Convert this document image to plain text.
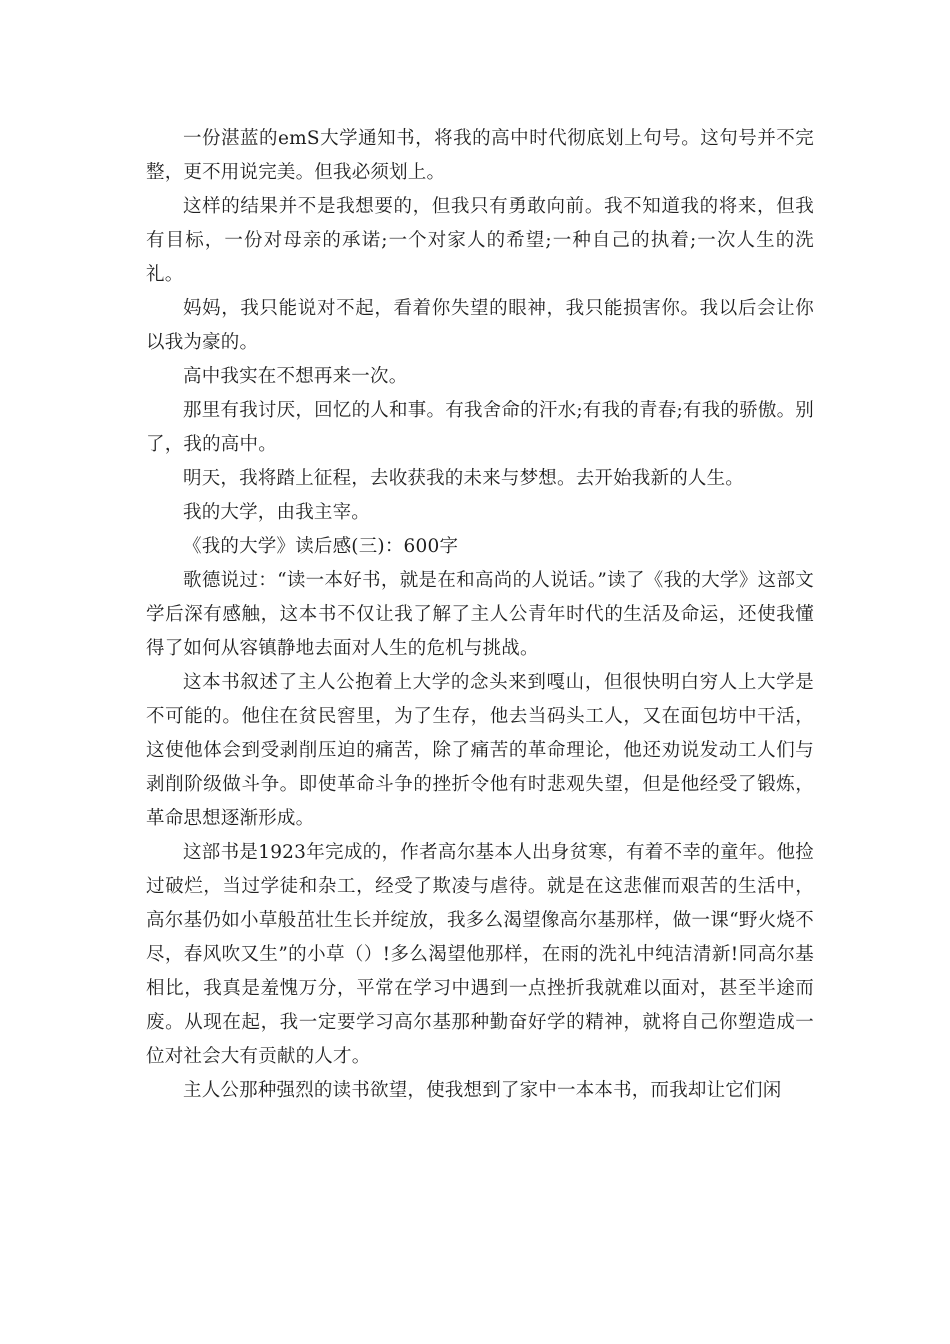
一份湛蓝的emS大学通知书，将我的高中时代彻底划上句号。这句号并不完整，更不用说完美。但我必须划上。

这样的结果并不是我想要的，但我只有勇敢向前。我不知道我的将来，但我有目标，一份对母亲的承诺;一个对家人的希望;一种自己的执着;一次人生的洗礼。

妈妈，我只能说对不起，看着你失望的眼神，我只能损害你。我以后会让你以我为豪的。

高中我实在不想再来一次。

那里有我讨厌，回忆的人和事。有我舍命的汗水;有我的青春;有我的骄傲。别了，我的高中。

明天，我将踏上征程，去收获我的未来与梦想。去开始我新的人生。

我的大学，由我主宰。

《我的大学》读后感(三)：600字

歌德说过：“读一本好书，就是在和高尚的人说话。”读了《我的大学》这部文学后深有感触，这本书不仅让我了解了主人公青年时代的生活及命运，还使我懂得了如何从容镇静地去面对人生的危机与挑战。

这本书叙述了主人公抱着上大学的念头来到嘎山，但很快明白穷人上大学是不可能的。他住在贫民窖里，为了生存，他去当码头工人，又在面包坊中干活，这使他体会到受剥削压迫的痛苦，除了痛苦的革命理论，他还劝说发动工人们与剥削阶级做斗争。即使革命斗争的挫折令他有时悲观失望，但是他经受了锻炼，革命思想逐渐形成。

这部书是1923年完成的，作者高尔基本人出身贫寒，有着不幸的童年。他捡过破烂，当过学徒和杂工，经受了欺凌与虐待。就是在这悲催而艰苦的生活中，高尔基仍如小草般茁壮生长并绽放，我多么渴望像高尔基那样，做一课“野火烧不尽，春风吹又生”的小草（）!多么渴望他那样，在雨的洗礼中纯洁清新!同高尔基相比，我真是羞愧万分，平常在学习中遇到一点挫折我就难以面对，甚至半途而废。从现在起，我一定要学习高尔基那种勤奋好学的精神，就将自己你塑造成一位对社会大有贡献的人才。

主人公那种强烈的读书欲望，使我想到了家中一本本书，而我却让它们闲
